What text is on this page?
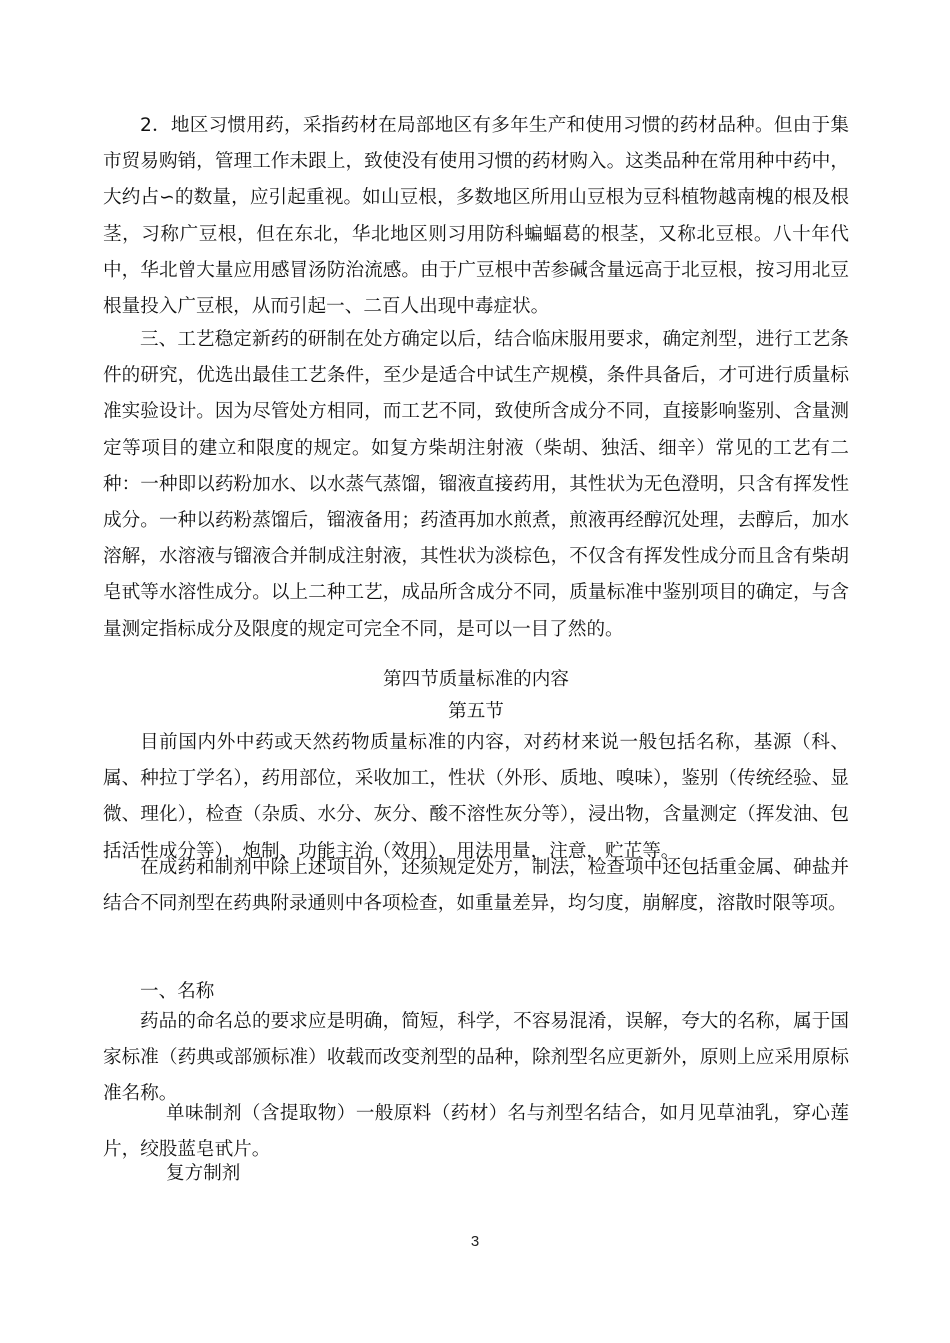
2．地区习惯用药，采指药材在局部地区有多年生产和使用习惯的药材品种。但由于集市贸易购销，管理工作未跟上，致使没有使用习惯的药材购入。这类品种在常用种中药中，大约占∽的数量，应引起重视。如山豆根，多数地区所用山豆根为豆科植物越南槐的根及根茎，习称广豆根，但在东北，华北地区则习用防科蝙蝠葛的根茎，又称北豆根。八十年代中，华北曾大量应用感冒汤防治流感。由于广豆根中苦参碱含量远高于北豆根，按习用北豆根量投入广豆根，从而引起一、二百人出现中毒症状。

三、工艺稳定新药的研制在处方确定以后，结合临床服用要求，确定剂型，进行工艺条件的研究，优选出最佳工艺条件，至少是适合中试生产规模，条件具备后，才可进行质量标准实验设计。因为尽管处方相同，而工艺不同，致使所含成分不同，直接影响鉴别、含量测定等项目的建立和限度的规定。如复方柴胡注射液（柴胡、独活、细辛）常见的工艺有二种：一种即以药粉加水、以水蒸气蒸馏，镏液直接药用，其性状为无色澄明，只含有挥发性成分。一种以药粉蒸馏后，镏液备用；药渣再加水煎煮，煎液再经醇沉处理，去醇后，加水溶解，水溶液与镏液合并制成注射液，其性状为淡棕色，不仅含有挥发性成分而且含有柴胡皂甙等水溶性成分。以上二种工艺，成品所含成分不同，质量标准中鉴别项目的确定，与含量测定指标成分及限度的规定可完全不同，是可以一目了然的。

第四节质量标准的内容

第五节

目前国内外中药或天然药物质量标准的内容，对药材来说一般包括名称，基源（科、属、种拉丁学名），药用部位，采收加工，性状（外形、质地、嗅味），鉴别（传统经验、显微、理化），检查（杂质、水分、灰分、酸不溶性灰分等），浸出物，含量测定（挥发油、包括活性成分等），炮制、功能主治（效用），用法用量，注意，贮芷等。

在成药和制剂中除上述项目外，还须规定处方，制法，检查项中还包括重金属、砷盐并结合不同剂型在药典附录通则中各项检查，如重量差异，均匀度，崩解度，溶散时限等项。

一、名称

药品的命名总的要求应是明确，简短，科学，不容易混淆，误解，夸大的名称，属于国家标准（药典或部颁标准）收载而改变剂型的品种，除剂型名应更新外，原则上应采用原标准名称。

单味制剂（含提取物）一般原料（药材）名与剂型名结合，如月见草油乳，穿心莲片，绞股蓝皂甙片。

复方制剂

3
